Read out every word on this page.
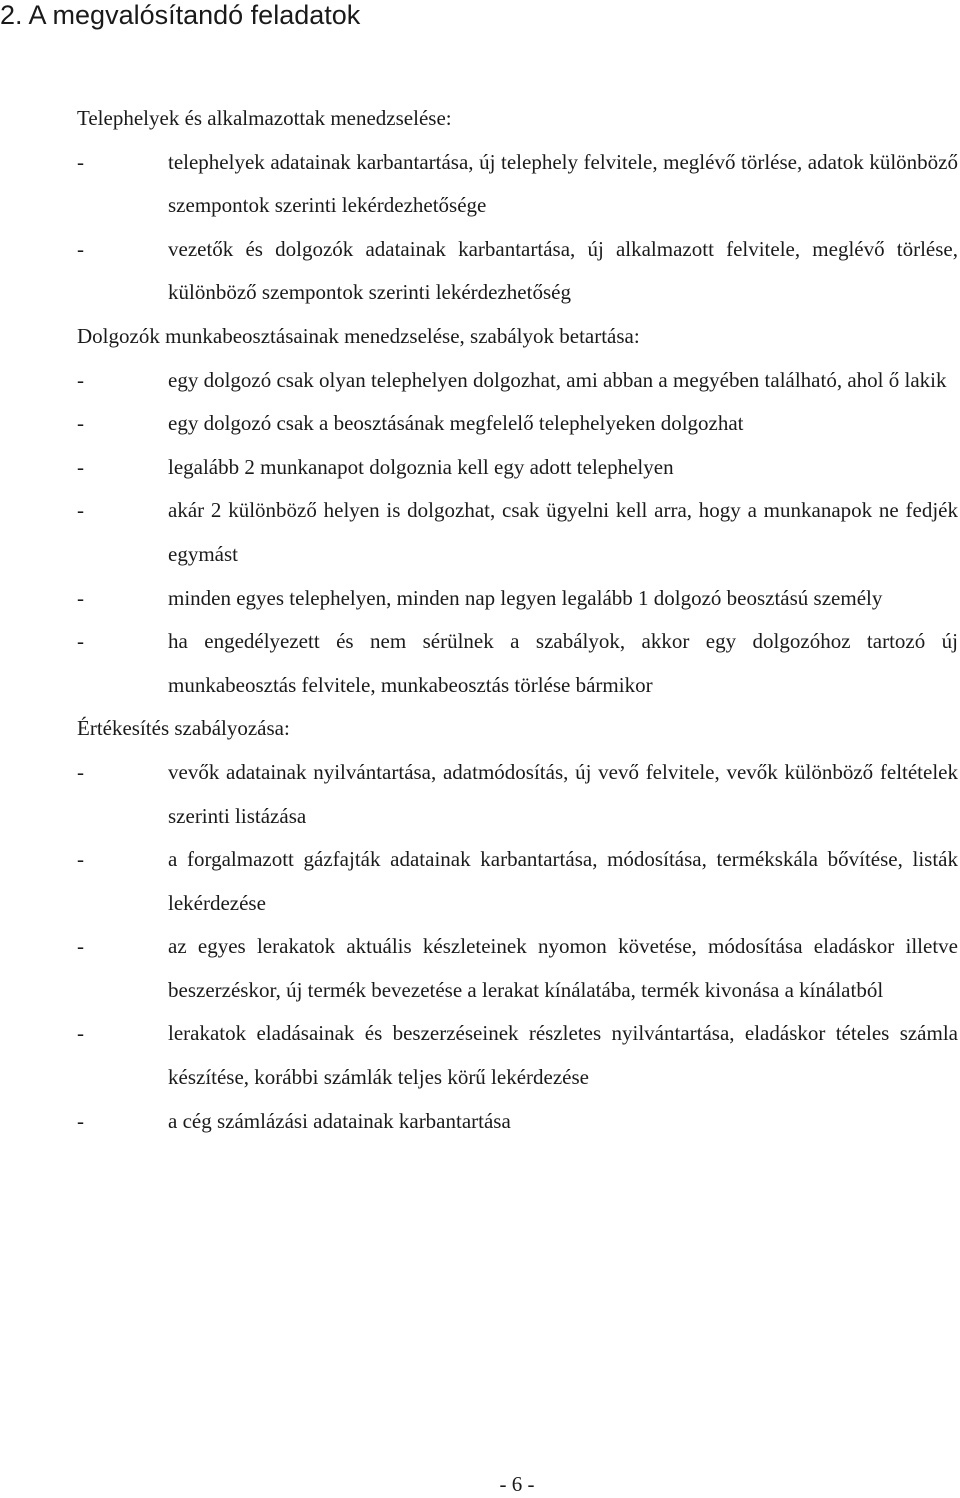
2. A megvalósítandó feladatok

Telephelyek és alkalmazottak menedzselése:

-	telephelyek adatainak karbantartása, új telephely felvitele, meglévő törlése, adatok különböző szempontok szerinti lekérdezhetősége
-	vezetők és dolgozók adatainak karbantartása, új alkalmazott felvitele, meglévő törlése, különböző szempontok szerinti lekérdezhetőség

Dolgozók munkabeosztásainak menedzselése, szabályok betartása:

-	egy dolgozó csak olyan telephelyen dolgozhat, ami abban a megyében található, ahol ő lakik
-	egy dolgozó csak a beosztásának megfelelő telephelyeken dolgozhat
-	legalább 2 munkanapot dolgoznia kell egy adott telephelyen
-	akár 2 különböző helyen is dolgozhat, csak ügyelni kell arra, hogy a munkanapok ne fedjék egymást
-	minden egyes telephelyen, minden nap legyen legalább 1 dolgozó beosztású személy
-	ha engedélyezett és nem sérülnek a szabályok, akkor egy dolgozóhoz tartozó új munkabeosztás felvitele, munkabeosztás törlése bármikor

Értékesítés szabályozása:

-	vevők adatainak nyilvántartása, adatmódosítás, új vevő felvitele, vevők különböző feltételek szerinti listázása
-	a forgalmazott gázfajták adatainak karbantartása, módosítása, termékskála bővítése, listák lekérdezése
-	az egyes lerakatok aktuális készleteinek nyomon követése, módosítása eladáskor illetve beszerzéskor, új termék bevezetése a lerakat kínálatába, termék kivonása a kínálatból
-	lerakatok eladásainak és beszerzéseinek részletes nyilvántartása, eladáskor tételes számla készítése, korábbi számlák teljes körű lekérdezése
-	a cég számlázási adatainak karbantartása
- 6 -
